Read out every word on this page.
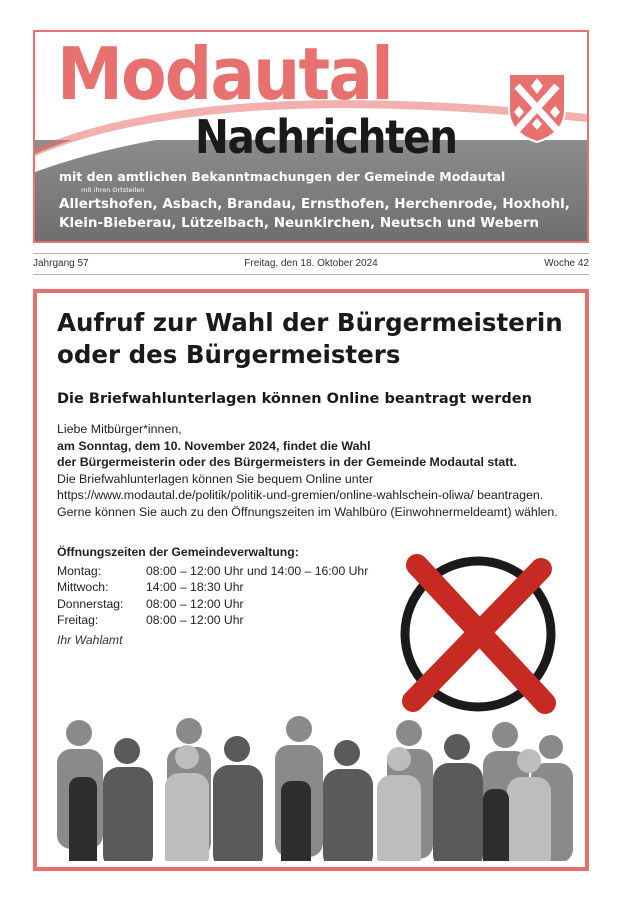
Modautal
Nachrichten

mit den amtlichen Bekanntmachungen der Gemeinde Modautal

mit ihren Ortsteilen

Allertshofen, Asbach, Brandau, Ernsthofen, Herchenrode, Hoxhohl, Klein-Bieberau, Lützelbach, Neunkirchen, Neutsch und Webern

Freitag, den 18. Oktober 2024
Jahrgang 57	Woche 42
Aufruf zur Wahl der Bürgermeisterin oder des Bürgermeisters
Die Briefwahlunterlagen können Online beantragt werden

Liebe Mitbürger*innen,

am Sonntag, dem 10. November 2024, findet die Wahl

der Bürgermeisterin oder des Bürgermeisters in der Gemeinde Modautal statt.

Die Briefwahlunterlagen können Sie bequem Online unter

https://www.modautal.de/politik/politik-und-gremien/online-wahlschein-oliwa/ beantragen.

Gerne können Sie auch zu den Öffnungszeiten im Wahlbüro (Einwohnermeldeamt) wählen.

Öffnungszeiten der Gemeindeverwaltung:

Montag:	08:00 – 12:00 Uhr und 14:00 – 16:00 Uhr
Mittwoch:	14:00 – 18:30 Uhr
Donnerstag:	08:00 – 12:00 Uhr
Freitag:	08:00 – 12:00 Uhr
Ihr Wahlamt
